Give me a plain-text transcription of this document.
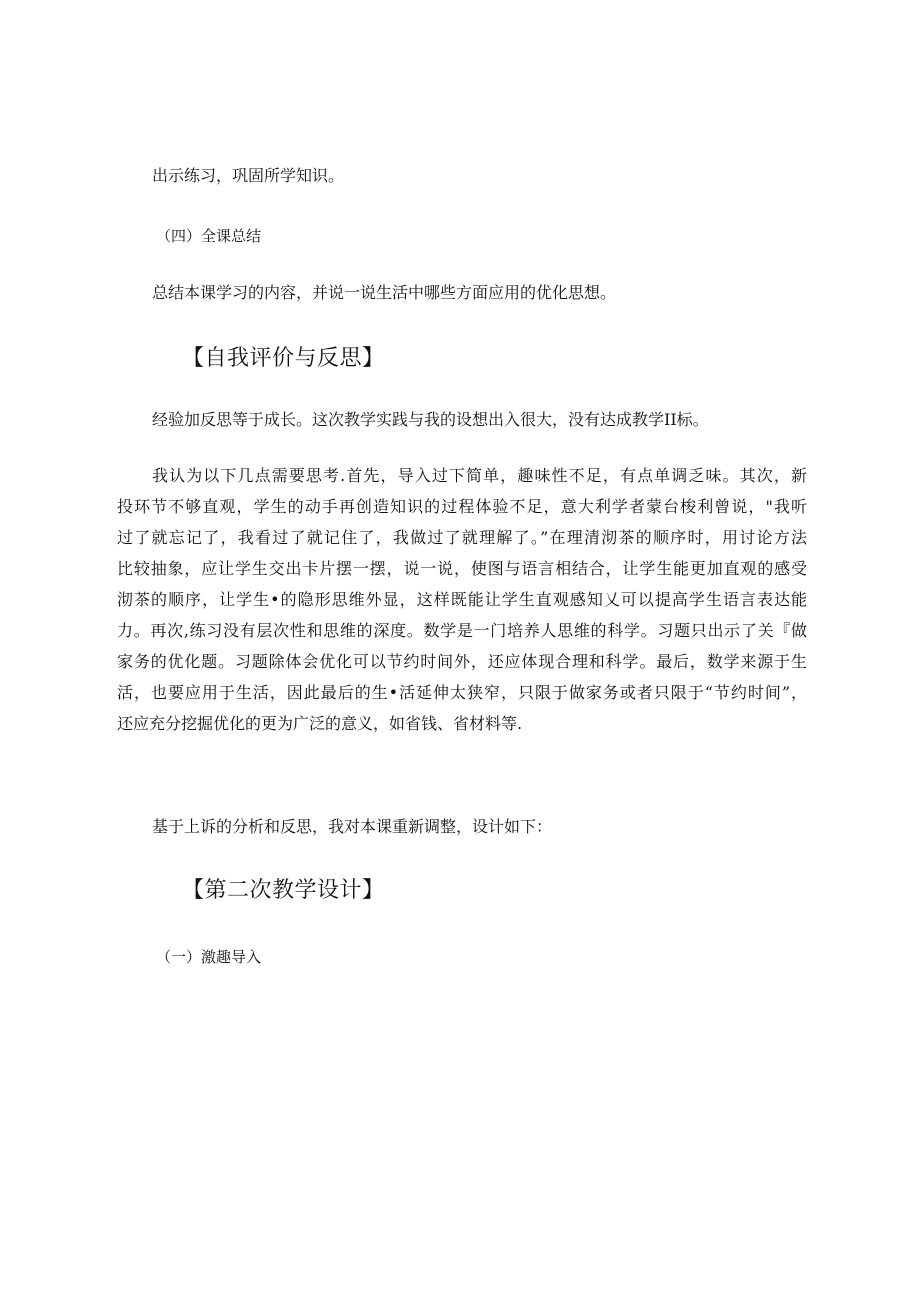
出示练习，巩固所学知识。
（四）全课总结
总结本课学习的内容，并说一说生活中哪些方面应用的优化思想。
【自我评价与反思】
经验加反思等于成长。这次教学实践与我的设想出入很大，没有达成教学II标。
我认为以下几点需要思考.首先，导入过下简单，趣味性不足，有点单调乏味。其次，新
投环节不够直观，学生的动手再创造知识的过程体验不足，意大利学者蒙台梭利曾说，"我听
过了就忘记了，我看过了就记住了，我做过了就理解了。”在理清沏茶的顺序时，用讨论方法
比较抽象，应让学生交出卡片摆一摆，说一说，使图与语言相结合，让学生能更加直观的感受
沏茶的顺序，让学生•的隐形思维外显，这样既能让学生直观感知乂可以提高学生语言表达能
力。再次,练习没有层次性和思维的深度。数学是一门培养人思维的科学。习题只出示了关『做
家务的优化题。习题除体会优化可以节约时间外，还应体现合理和科学。最后，数学来源于生
活，也要应用于生活，因此最后的生•活延伸太狭窄，只限于做家务或者只限于“节约时间”，
还应充分挖掘优化的更为广泛的意义，如省钱、省材料等.
基于上诉的分析和反思，我对本课重新调整，设计如下：
【第二次教学设计】
（一）激趣导入
